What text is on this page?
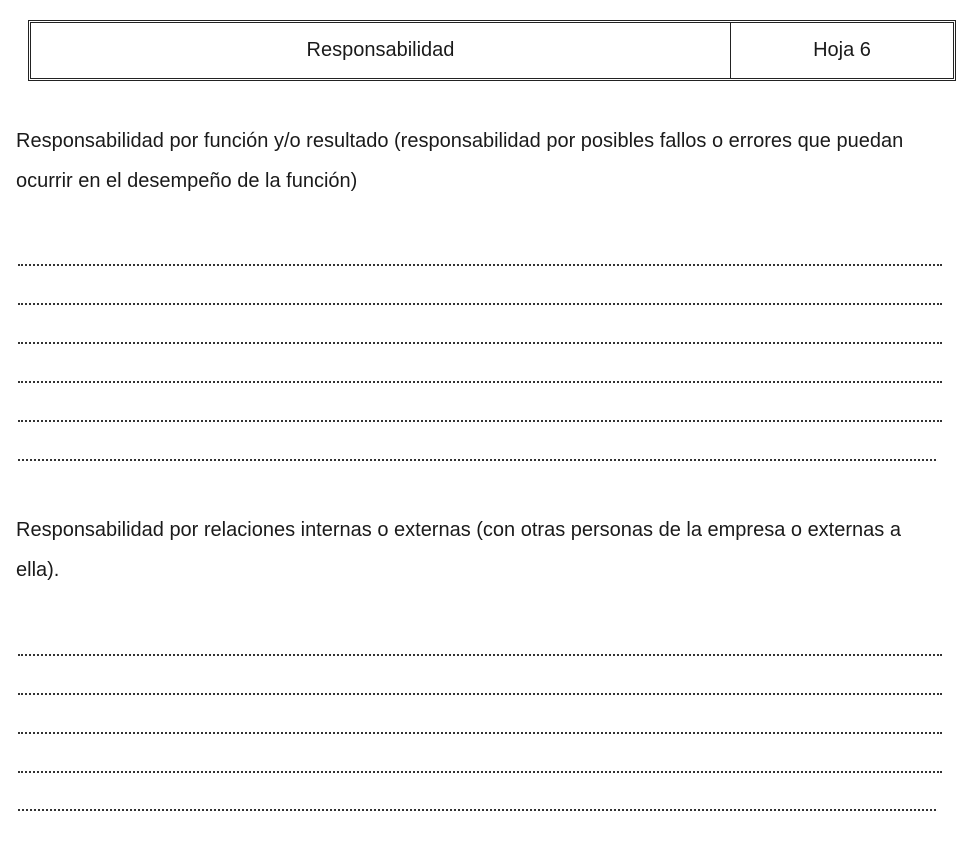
Responsabilidad	Hoja 6

Responsabilidad por función y/o resultado (responsabilidad por posibles fallos o errores que puedan ocurrir en el desempeño de la función)

Responsabilidad por relaciones internas o externas (con otras personas de la empresa o externas a ella).
